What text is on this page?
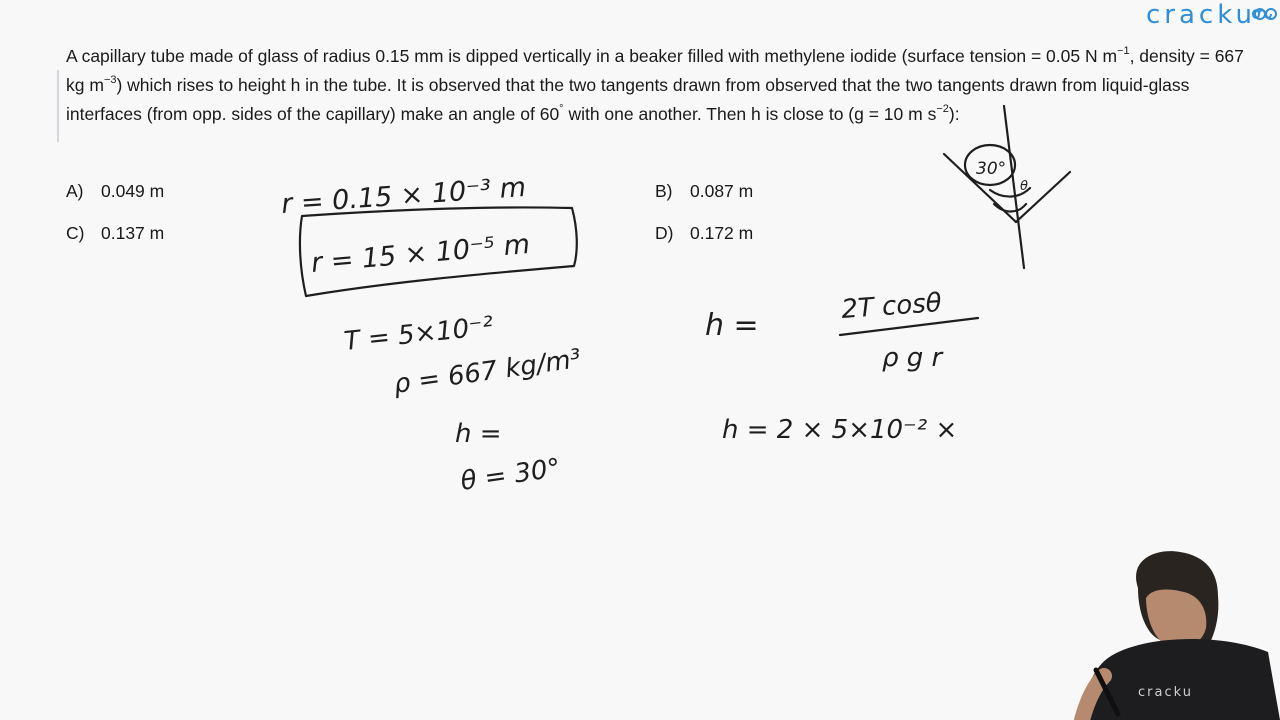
cracku
A capillary tube made of glass of radius 0.15 mm is dipped vertically in a beaker filled with methylene iodide (surface tension = 0.05 N $m^{-1}$, density = 667 kg $m^{-3}$) which rises to height h in the tube. It is observed that the two tangents drawn from observed that the two tangents drawn from liquid-glass interfaces (from opp. sides of the capillary) make an angle of 60° with one another. Then h is close to (g = 10 m $s^{-2}$):
A) 0.049 m	B) 0.087 m
C) 0.137 m	D) 0.172 m
r = 0.15 × 10⁻³ m
r = 15 × 10⁻⁵ m
T = 5×10⁻²
ρ = 667 kg/m³
h =
θ = 30°
h =
2T cosθ
ρ g r
h = 2 × 5×10⁻² ×
30°
θ
cracku
